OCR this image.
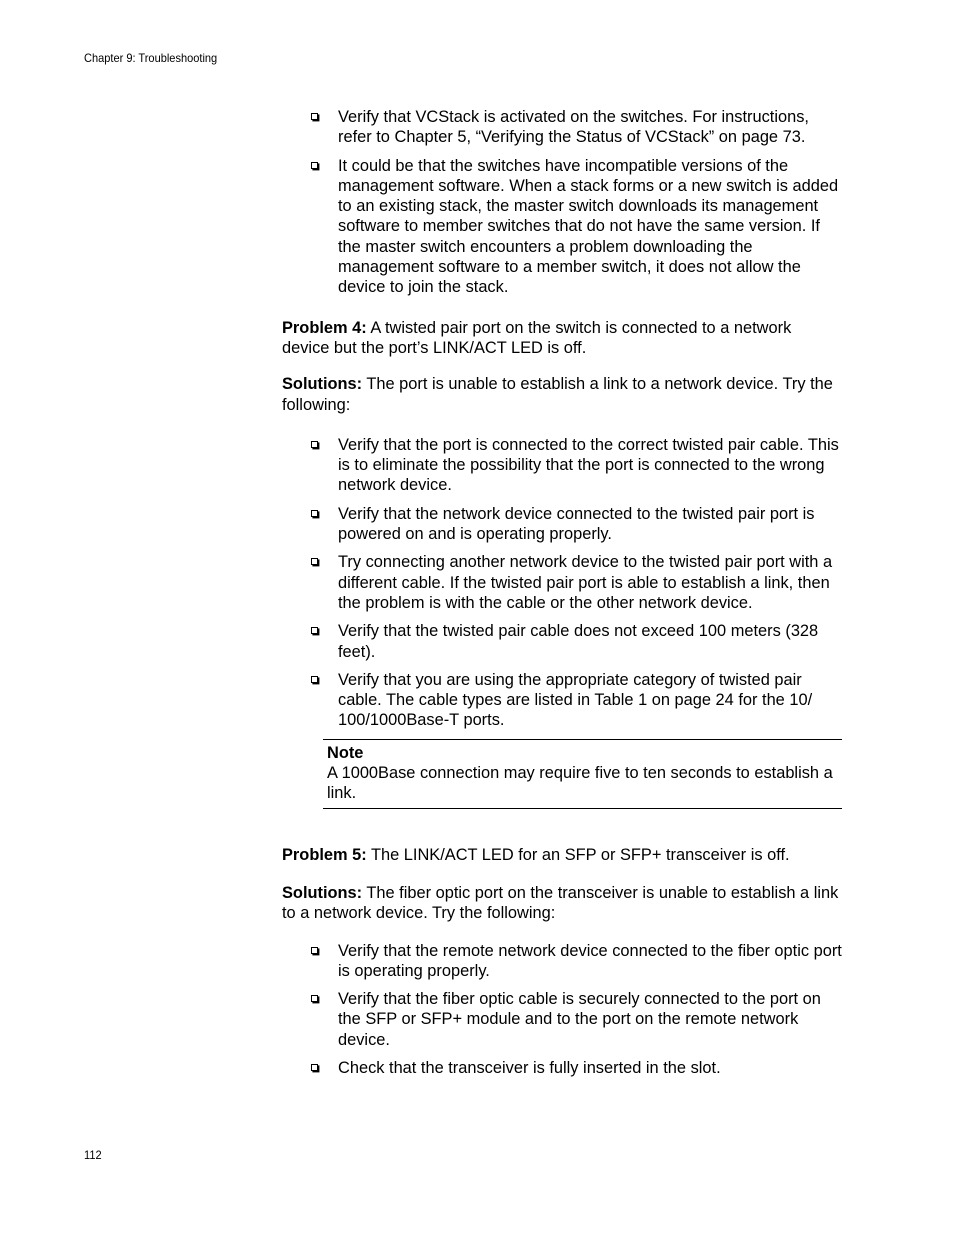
Chapter 9: Troubleshooting
Verify that VCStack is activated on the switches. For instructions, refer to Chapter 5, “Verifying the Status of VCStack” on page 73.
It could be that the switches have incompatible versions of the management software. When a stack forms or a new switch is added to an existing stack, the master switch downloads its management software to member switches that do not have the same version. If the master switch encounters a problem downloading the management software to a member switch, it does not allow the device to join the stack.

Problem 4: A twisted pair port on the switch is connected to a network device but the port’s LINK/ACT LED is off.

Solutions: The port is unable to establish a link to a network device. Try the following:

Verify that the port is connected to the correct twisted pair cable. This is to eliminate the possibility that the port is connected to the wrong network device.
Verify that the network device connected to the twisted pair port is powered on and is operating properly.
Try connecting another network device to the twisted pair port with a different cable. If the twisted pair port is able to establish a link, then the problem is with the cable or the other network device.
Verify that the twisted pair cable does not exceed 100 meters (328 feet).
Verify that you are using the appropriate category of twisted pair cable. The cable types are listed in Table 1 on page 24 for the 10/ 100/1000Base-T ports.
Note
A 1000Base connection may require five to ten seconds to establish a link.

Problem 5: The LINK/ACT LED for an SFP or SFP+ transceiver is off.

Solutions: The fiber optic port on the transceiver is unable to establish a link to a network device. Try the following:

Verify that the remote network device connected to the fiber optic port is operating properly.
Verify that the fiber optic cable is securely connected to the port on the SFP or SFP+ module and to the port on the remote network device.
Check that the transceiver is fully inserted in the slot.
112
